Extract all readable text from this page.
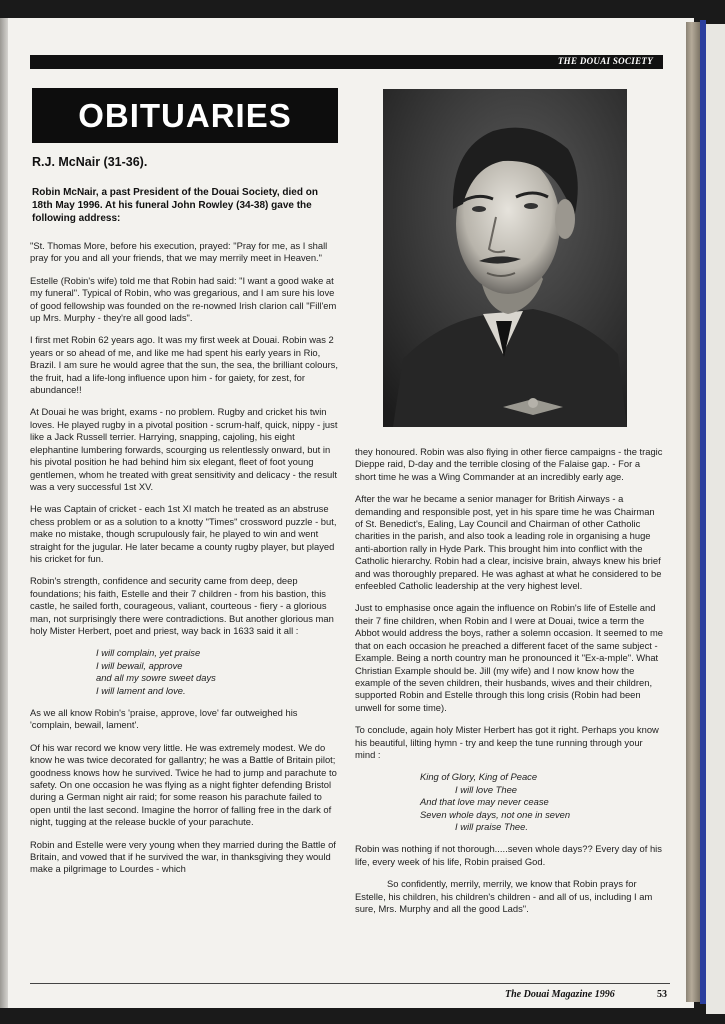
THE DOUAI SOCIETY
OBITUARIES
R.J. McNair (31-36).
Robin McNair, a past President of the Douai Society, died on 18th May 1996. At his funeral John Rowley (34-38) gave the following address:

"St. Thomas More, before his execution, prayed: "Pray for me, as I shall pray for you and all your friends, that we may merrily meet in Heaven."

Estelle (Robin's wife) told me that Robin had said: "I want a good wake at my funeral". Typical of Robin, who was gregarious, and I am sure his love of good fellowship was founded on the re-nowned Irish clarion call "Fill'em up Mrs. Murphy - they're all good lads".

I first met Robin 62 years ago. It was my first week at Douai. Robin was 2 years or so ahead of me, and like me had spent his early years in Rio, Brazil. I am sure he would agree that the sun, the sea, the brilliant colours, the fruit, had a life-long influence upon him - for gaiety, for zest, for abundance!!

At Douai he was bright, exams - no problem. Rugby and cricket his twin loves. He played rugby in a pivotal position - scrum-half, quick, nippy - just like a Jack Russell terrier. Harrying, snapping, cajoling, his eight elephantine lumbering forwards, scourging us relentlessly onward, but in his pivotal position he had behind him six elegant, fleet of foot young gentlemen, whom he treated with great sensitivity and delicacy - the result was a very successful 1st XV.

He was Captain of cricket - each 1st XI match he treated as an abstruse chess problem or as a solution to a knotty "Times" crossword puzzle - but, make no mistake, though scrupulously fair, he played to win and went straight for the jugular. He later became a county rugby player, but played his cricket for fun.

Robin's strength, confidence and security came from deep, deep foundations; his faith, Estelle and their 7 children - from his bastion, this castle, he sailed forth, courageous, valiant, courteous - fiery - a glorious man, not surprisingly there were contradictions. But another glorious man holy Mister Herbert, poet and priest, way back in 1633 said it all :

I will complain, yet praise
I will bewail, approve
and all my sowre sweet days
I will lament and love.

As we all know Robin's 'praise, approve, love' far outweighed his 'complain, bewail, lament'.

Of his war record we know very little. He was extremely modest. We do know he was twice decorated for gallantry; he was a Battle of Britain pilot; goodness knows how he survived. Twice he had to jump and parachute to safety. On one occasion he was flying as a night fighter defending Bristol during a German night air raid; for some reason his parachute failed to open until the last second. Imagine the horror of falling free in the dark of night, tugging at the release buckle of your parachute.

Robin and Estelle were very young when they married during the Battle of Britain, and vowed that if he survived the war, in thanksgiving they would make a pilgrimage to Lourdes - which

they honoured. Robin was also flying in other fierce campaigns - the tragic Dieppe raid, D-day and the terrible closing of the Falaise gap. - For a short time he was a Wing Commander at an incredibly early age.

After the war he became a senior manager for British Airways - a demanding and responsible post, yet in his spare time he was Chairman of St. Benedict's, Ealing, Lay Council and Chairman of other Catholic charities in the parish, and also took a leading role in organising a huge anti-abortion rally in Hyde Park. This brought him into conflict with the Catholic hierarchy. Robin had a clear, incisive brain, always knew his brief and was thoroughly prepared. He was aghast at what he considered to be enfeebled Catholic leadership at the very highest level.

Just to emphasise once again the influence on Robin's life of Estelle and their 7 fine children, when Robin and I were at Douai, twice a term the Abbot would address the boys, rather a solemn occasion. It seemed to me that on each occasion he preached a different facet of the same subject - Example. Being a north country man he pronounced it "Ex-a-mple". What Christian Example should be. Jill (my wife) and I now know how the example of the seven children, their husbands, wives and their children, supported Robin and Estelle through this long crisis (Robin had been unwell for some time).

To conclude, again holy Mister Herbert has got it right. Perhaps you know his beautiful, lilting hymn - try and keep the tune running through your mind :

King of Glory, King of Peace
I will love Thee
And that love may never cease
Seven whole days, not one in seven
I will praise Thee.

Robin was nothing if not thorough.....seven whole days?? Every day of his life, every week of his life, Robin praised God.

So confidently, merrily, merrily, we know that Robin prays for Estelle, his children, his children's children - and all of us, including I am sure, Mrs. Murphy and all the good Lads".

The Douai Magazine 1996	53
